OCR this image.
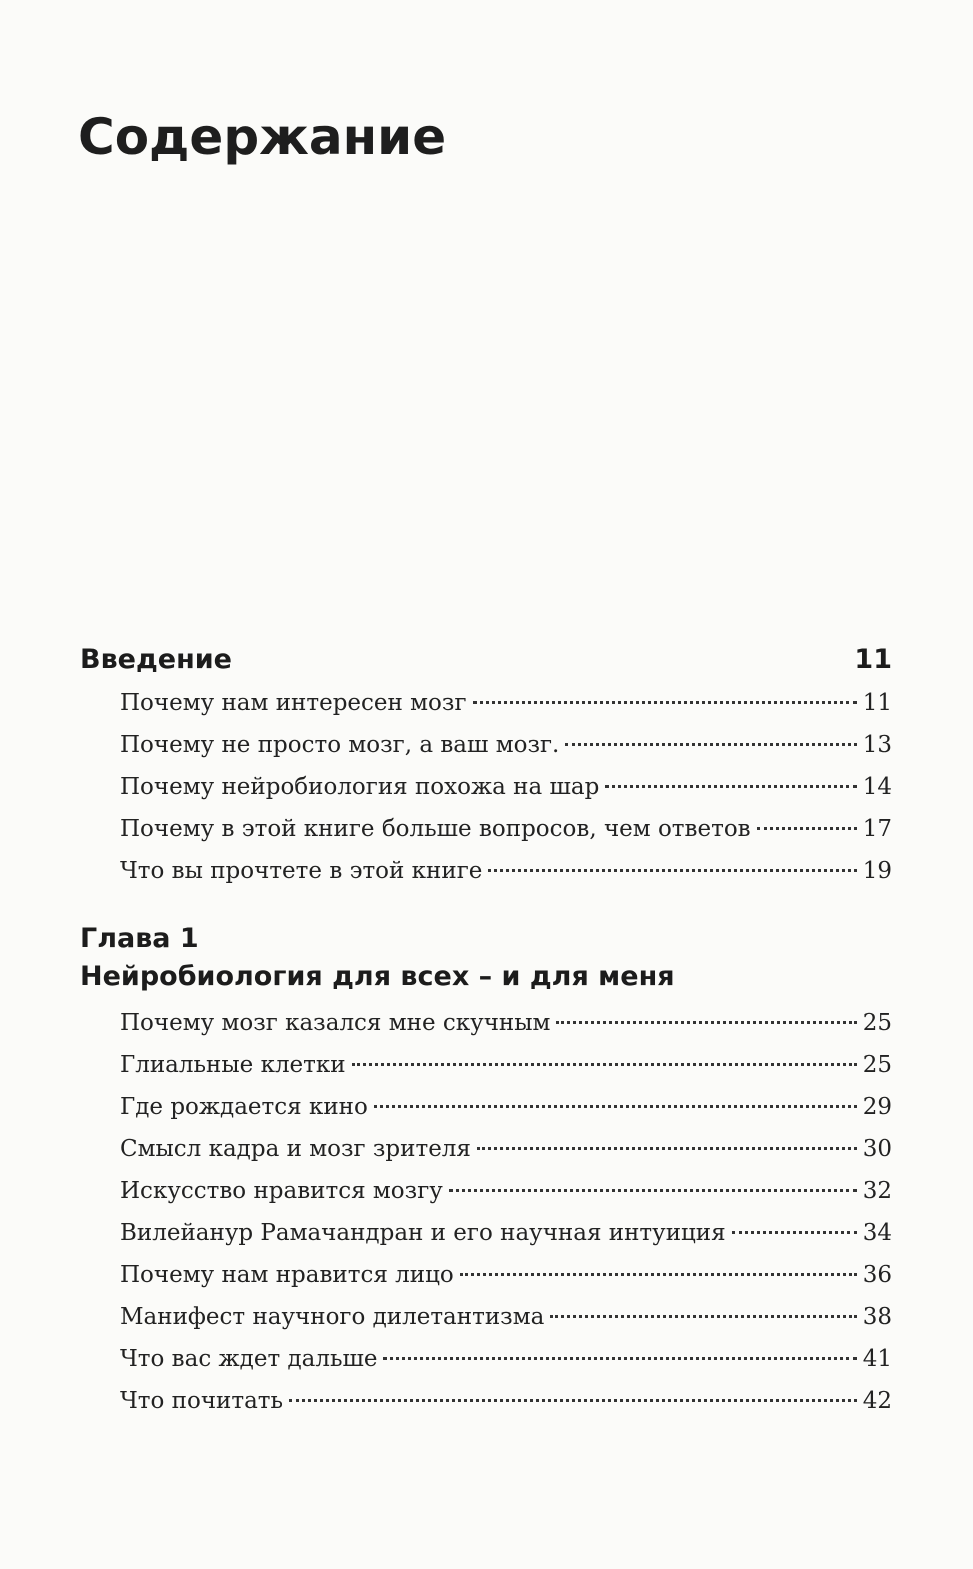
Содержание
Введение	11
Почему нам интересен мозг	11
Почему не просто мозг, а ваш мозг.	13
Почему нейробиология похожа на шар	14
Почему в этой книге больше вопросов, чем ответов	17
Что вы прочтете в этой книге	19
Глава 1
Нейробиология для всех – и для меня
Почему мозг казался мне скучным	25
Глиальные клетки	25
Где рождается кино	29
Смысл кадра и мозг зрителя	30
Искусство нравится мозгу	32
Вилейанур Рамачандран и его научная интуиция	34
Почему нам нравится лицо	36
Манифест научного дилетантизма	38
Что вас ждет дальше	41
Что почитать	42
